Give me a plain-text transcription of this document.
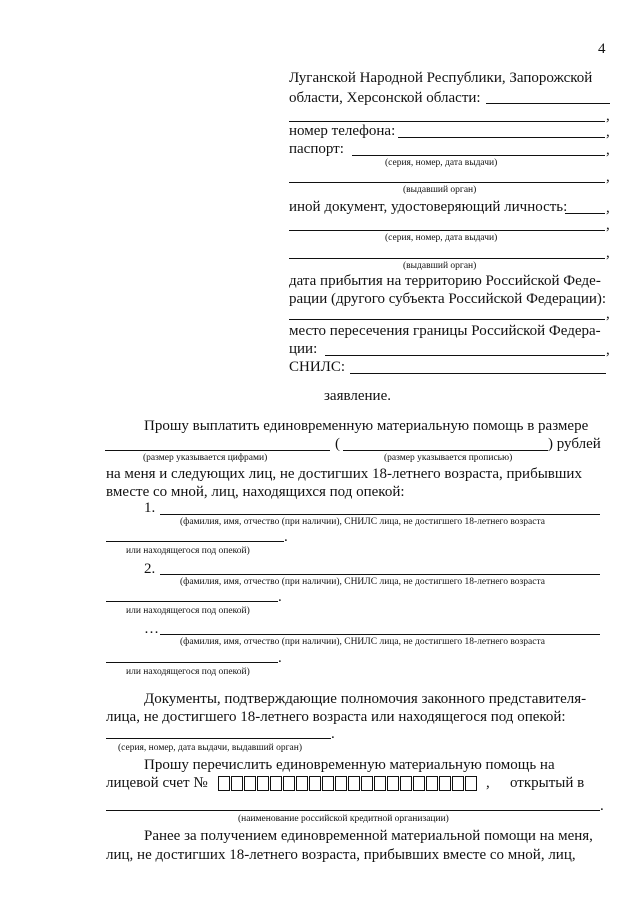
4
Луганской Народной Республики, Запорожской
области, Херсонской области:
,
номер телефона:	,
паспорт:	,
(серия, номер, дата выдачи)
,
(выдавший орган)
иной документ, удостоверяющий личность:	,
,
(серия, номер, дата выдачи)
,
(выдавший орган)
дата прибытия на территорию Российской Феде-
рации (другого субъекта Российской Федерации):
,
место пересечения границы Российской Федера-
ции:	,
СНИЛС:
заявление.
Прошу выплатить единовременную материальную помощь в размере
(	) рублей
(размер указывается цифрами)	(размер указывается прописью)
на меня и следующих лиц, не достигших 18-летнего возраста, прибывших
вместе со мной, лиц, находящихся под опекой:
1.
(фамилия, имя, отчество (при наличии), СНИЛС лица, не достигшего 18-летнего возраста
.
или находящегося под опекой)
2.
(фамилия, имя, отчество (при наличии), СНИЛС лица, не достигшего 18-летнего возраста
.
или находящегося под опекой)
…
(фамилия, имя, отчество (при наличии), СНИЛС лица, не достигшего 18-летнего возраста
.
или находящегося под опекой)
Документы, подтверждающие полномочия законного представителя-
лица, не достигшего 18-летнего возраста или находящегося под опекой:
.
(серия, номер, дата выдачи, выдавший орган)
Прошу перечислить единовременную материальную помощь на
лицевой счет №	, открытый в
.
(наименование российской кредитной организации)
Ранее за получением единовременной материальной помощи на меня,
лиц, не достигших 18-летнего возраста, прибывших вместе со мной, лиц,
